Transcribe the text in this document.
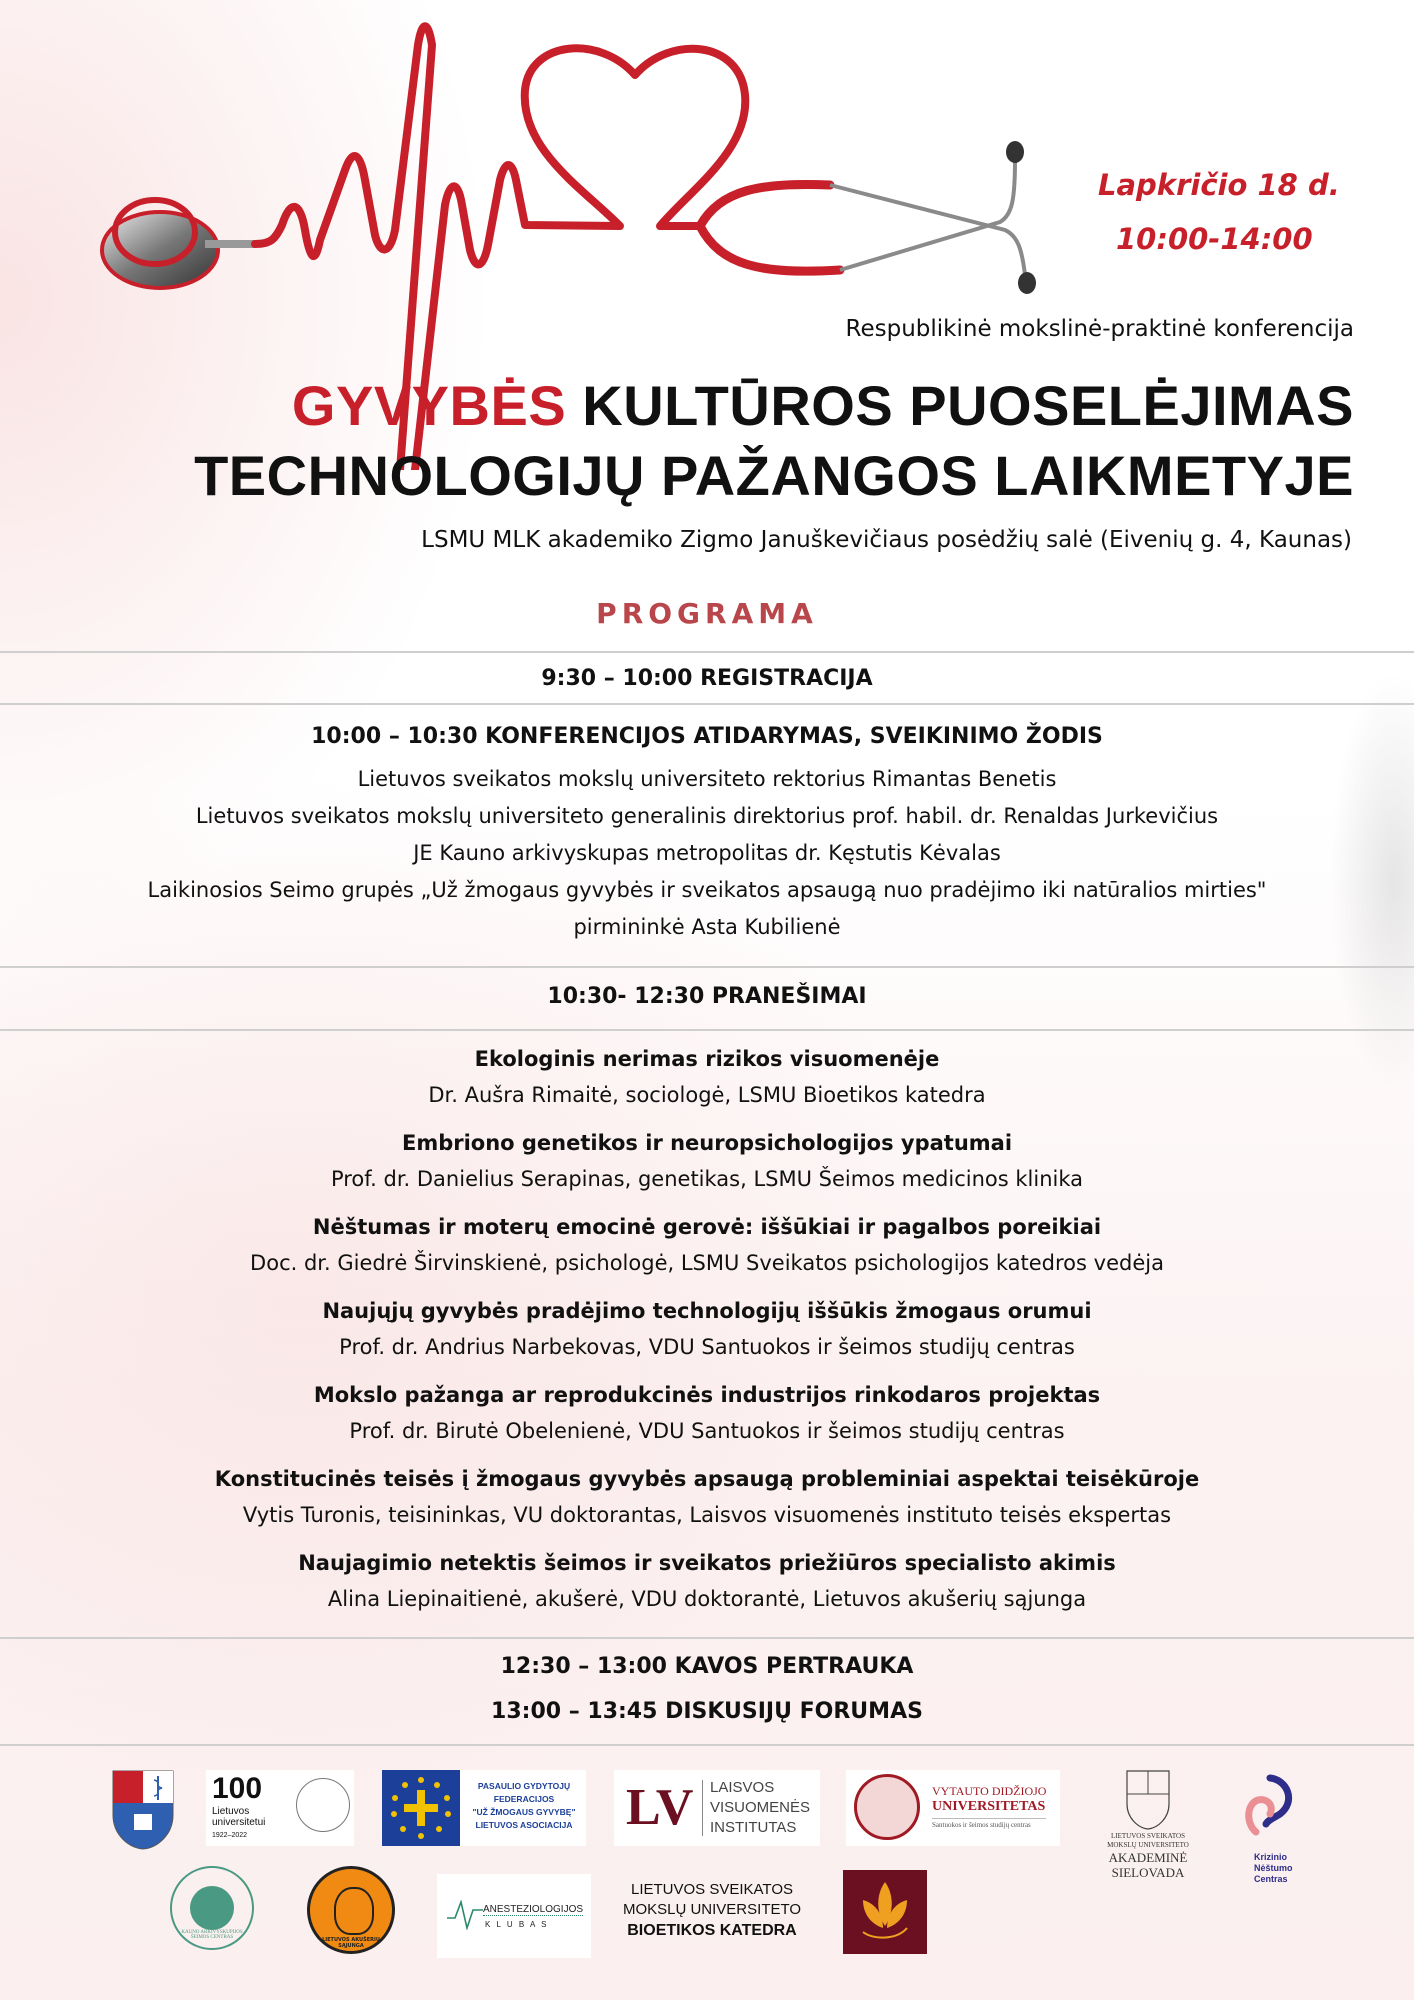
Lapkričio 18 d.
10:00-14:00
Respublikinė mokslinė-praktinė konferencija
GYVYBĖS KULTŪROS PUOSELĖJIMAS
TECHNOLOGIJŲ PAŽANGOS LAIKMETYJE
LSMU MLK akademiko Zigmo Januškevičiaus posėdžių salė (Eivenių g. 4, Kaunas)
PROGRAMA
9:30 – 10:00 REGISTRACIJA
10:00 – 10:30 KONFERENCIJOS ATIDARYMAS, SVEIKINIMO ŽODIS
Lietuvos sveikatos mokslų universiteto rektorius Rimantas Benetis
Lietuvos sveikatos mokslų universiteto generalinis direktorius prof. habil. dr. Renaldas Jurkevičius
JE Kauno arkivyskupas metropolitas dr. Kęstutis Kėvalas
Laikinosios Seimo grupės „Už žmogaus gyvybės ir sveikatos apsaugą nuo pradėjimo iki natūralios mirties"
pirmininkė Asta Kubilienė
10:30- 12:30 PRANEŠIMAI
Ekologinis nerimas rizikos visuomenėje
Dr. Aušra Rimaitė, sociologė, LSMU Bioetikos katedra
Embriono genetikos ir neuropsichologijos ypatumai
Prof. dr. Danielius Serapinas, genetikas, LSMU Šeimos medicinos klinika
Nėštumas ir moterų emocinė gerovė: iššūkiai ir pagalbos poreikiai
Doc. dr. Giedrė Širvinskienė, psichologė, LSMU Sveikatos psichologijos katedros vedėja
Naujųjų gyvybės pradėjimo technologijų iššūkis žmogaus orumui
Prof. dr. Andrius Narbekovas, VDU Santuokos ir šeimos studijų centras
Mokslo pažanga ar reprodukcinės industrijos rinkodaros projektas
Prof. dr. Birutė Obelenienė, VDU Santuokos ir šeimos studijų centras
Konstitucinės teisės į žmogaus gyvybės apsaugą probleminiai aspektai teisėkūroje
Vytis Turonis, teisininkas, VU doktorantas, Laisvos visuomenės instituto teisės ekspertas
Naujagimio netektis šeimos ir sveikatos priežiūros specialisto akimis
Alina Liepinaitienė, akušerė, VDU doktorantė, Lietuvos akušerių sąjunga
12:30 – 13:00 KAVOS PERTRAUKA
13:00 – 13:45 DISKUSIJŲ FORUMAS
100
Lietuvos
universitetui
1922–2022
PASAULIO GYDYTOJŲ
FEDERACIJOS
"UŽ ŽMOGAUS GYVYBĘ"
LIETUVOS ASOCIACIJA LV LAISVOS
VISUOMENĖS
INSTITUTAS
VYTAUTO DIDŽIOJO
UNIVERSITETAS
Santuokos ir šeimos studijų centras
LIETUVOS SVEIKATOS
MOKSLŲ UNIVERSITETO
AKADEMINĖ
SIELOVADA
Krizinio
Nėštumo
Centras
KAUNO ARKIVYSKUPIJOS ŠEIMOS CENTRAS	LIETUVOS AKUŠERIŲ SĄJUNGA
ANESTEZIOLOGIJOS
K L U B A S
LIETUVOS SVEIKATOS
MOKSLŲ UNIVERSITETO
BIOETIKOS KATEDRA
